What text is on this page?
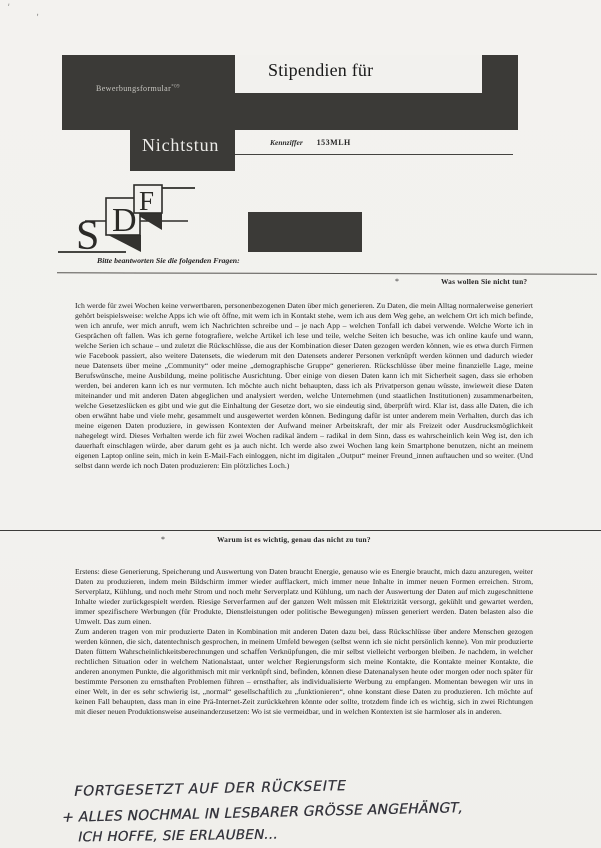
'	,
Stipendien für
Bewerbungsformular$^{*09}$
Nichtstun	Kennziffer 153MLH
S D
F
Bitte beantworten Sie die folgenden Fragen:
*	Was wollen Sie nicht tun?
Ich werde für zwei Wochen keine verwertbaren, personenbezogenen Daten über mich generieren. Zu Daten, die mein Alltag normalerweise generiert gehört beispielsweise: welche Apps ich wie oft öffne, mit wem ich in Kontakt stehe, wem ich aus dem Weg gehe, an welchem Ort ich mich befinde, wen ich anrufe, wer mich anruft, wem ich Nachrichten schreibe und – je nach App – welchen Tonfall ich dabei verwende. Welche Worte ich in Gesprächen oft fallen. Was ich gerne fotografiere, welche Artikel ich lese und teile, welche Seiten ich besuche, was ich online kaufe und wann, welche Serien ich schaue – und zuletzt die Rückschlüsse, die aus der Kombination dieser Daten gezogen werden können, wie es etwa durch Firmen wie Facebook passiert, also weitere Datensets, die wiederum mit den Datensets anderer Personen verknüpft werden können und dadurch wieder neue Datensets über meine „Community“ oder meine „demographische Gruppe“ generieren. Rückschlüsse über meine finanzielle Lage, meine Berufswünsche, meine Ausbildung, meine politische Ausrichtung. Über einige von diesen Daten kann ich mit Sicherheit sagen, dass sie erhoben werden, bei anderen kann ich es nur vermuten. Ich möchte auch nicht behaupten, dass ich als Privatperson genau wüsste, inwieweit diese Daten miteinander und mit anderen Daten abgeglichen und analysiert werden, welche Unternehmen (und staatlichen Institutionen) zusammenarbeiten, welche Gesetzeslücken es gibt und wie gut die Einhaltung der Gesetze dort, wo sie eindeutig sind, überprüft wird. Klar ist, dass alle Daten, die ich oben erwähnt habe und viele mehr, gesammelt und ausgewertet werden können. Bedingung dafür ist unter anderem mein Verhalten, durch das ich meine eigenen Daten produziere, in gewissen Kontexten der Aufwand meiner Arbeitskraft, der mir als Freizeit oder Ausdrucksmöglichkeit nahegelegt wird. Dieses Verhalten werde ich für zwei Wochen radikal ändern – radikal in dem Sinn, dass es wahrscheinlich kein Weg ist, den ich dauerhaft einschlagen würde, aber darum geht es ja auch nicht. Ich werde also zwei Wochen lang kein Smartphone benutzen, nicht an meinem eigenen Laptop online sein, mich in kein E-Mail-Fach einloggen, nicht im digitalen „Output“ meiner Freund_innen auftauchen und so weiter. (Und selbst dann werde ich noch Daten produzieren: Ein plötzliches Loch.)
*	Warum ist es wichtig, genau das nicht zu tun?
Erstens: diese Generierung, Speicherung und Auswertung von Daten braucht Energie, genauso wie es Energie braucht, mich dazu anzuregen, weiter Daten zu produzieren, indem mein Bildschirm immer wieder aufflackert, mich immer neue Inhalte in immer neuen Formen erreichen. Strom, Serverplatz, Kühlung, und noch mehr Strom und noch mehr Serverplatz und Kühlung, um nach der Auswertung der Daten auf mich zugeschnittene Inhalte wieder zurückgespielt werden. Riesige Serverfarmen auf der ganzen Welt müssen mit Elektrizität versorgt, gekühlt und gewartet werden, immer spezifischere Werbungen (für Produkte, Dienstleistungen oder politische Bewegungen) müssen generiert werden. Daten belasten also die Umwelt. Das zum einen.
Zum anderen tragen von mir produzierte Daten in Kombination mit anderen Daten dazu bei, dass Rückschlüsse über andere Menschen gezogen werden können, die sich, datentechnisch gesprochen, in meinem Umfeld bewegen (selbst wenn ich sie nicht persönlich kenne). Von mir produzierte Daten füttern Wahrscheinlichkeitsberechnungen und schaffen Verknüpfungen, die mir selbst vielleicht verborgen bleiben. Je nachdem, in welcher rechtlichen Situation oder in welchem Nationalstaat, unter welcher Regierungsform sich meine Kontakte, die Kontakte meiner Kontakte, die anderen anonymen Punkte, die algorithmisch mit mir verknüpft sind, befinden, können diese Datenanalysen heute oder morgen oder noch später für bestimmte Personen zu ernsthaften Problemen führen – ernsthafter, als individualisierte Werbung zu empfangen. Momentan bewegen wir uns in einer Welt, in der es sehr schwierig ist, „normal“ gesellschaftlich zu „funktionieren“, ohne konstant diese Daten zu produzieren. Ich möchte auf keinen Fall behaupten, dass man in eine Prä-Internet-Zeit zurückkehren könnte oder sollte, trotzdem finde ich es wichtig, sich in zwei Richtungen mit dieser neuen Produktionsweise auseinanderzusetzen: Wo ist sie vermeidbar, und in welchen Kontexten ist sie harmloser als in anderen.
FORTGESETZT AUF DER RÜCKSEITE
+ ALLES NOCHMAL IN LESBARER GRÖSSE ANGEHÄNGT,
ICH HOFFE, SIE ERLAUBEN...
